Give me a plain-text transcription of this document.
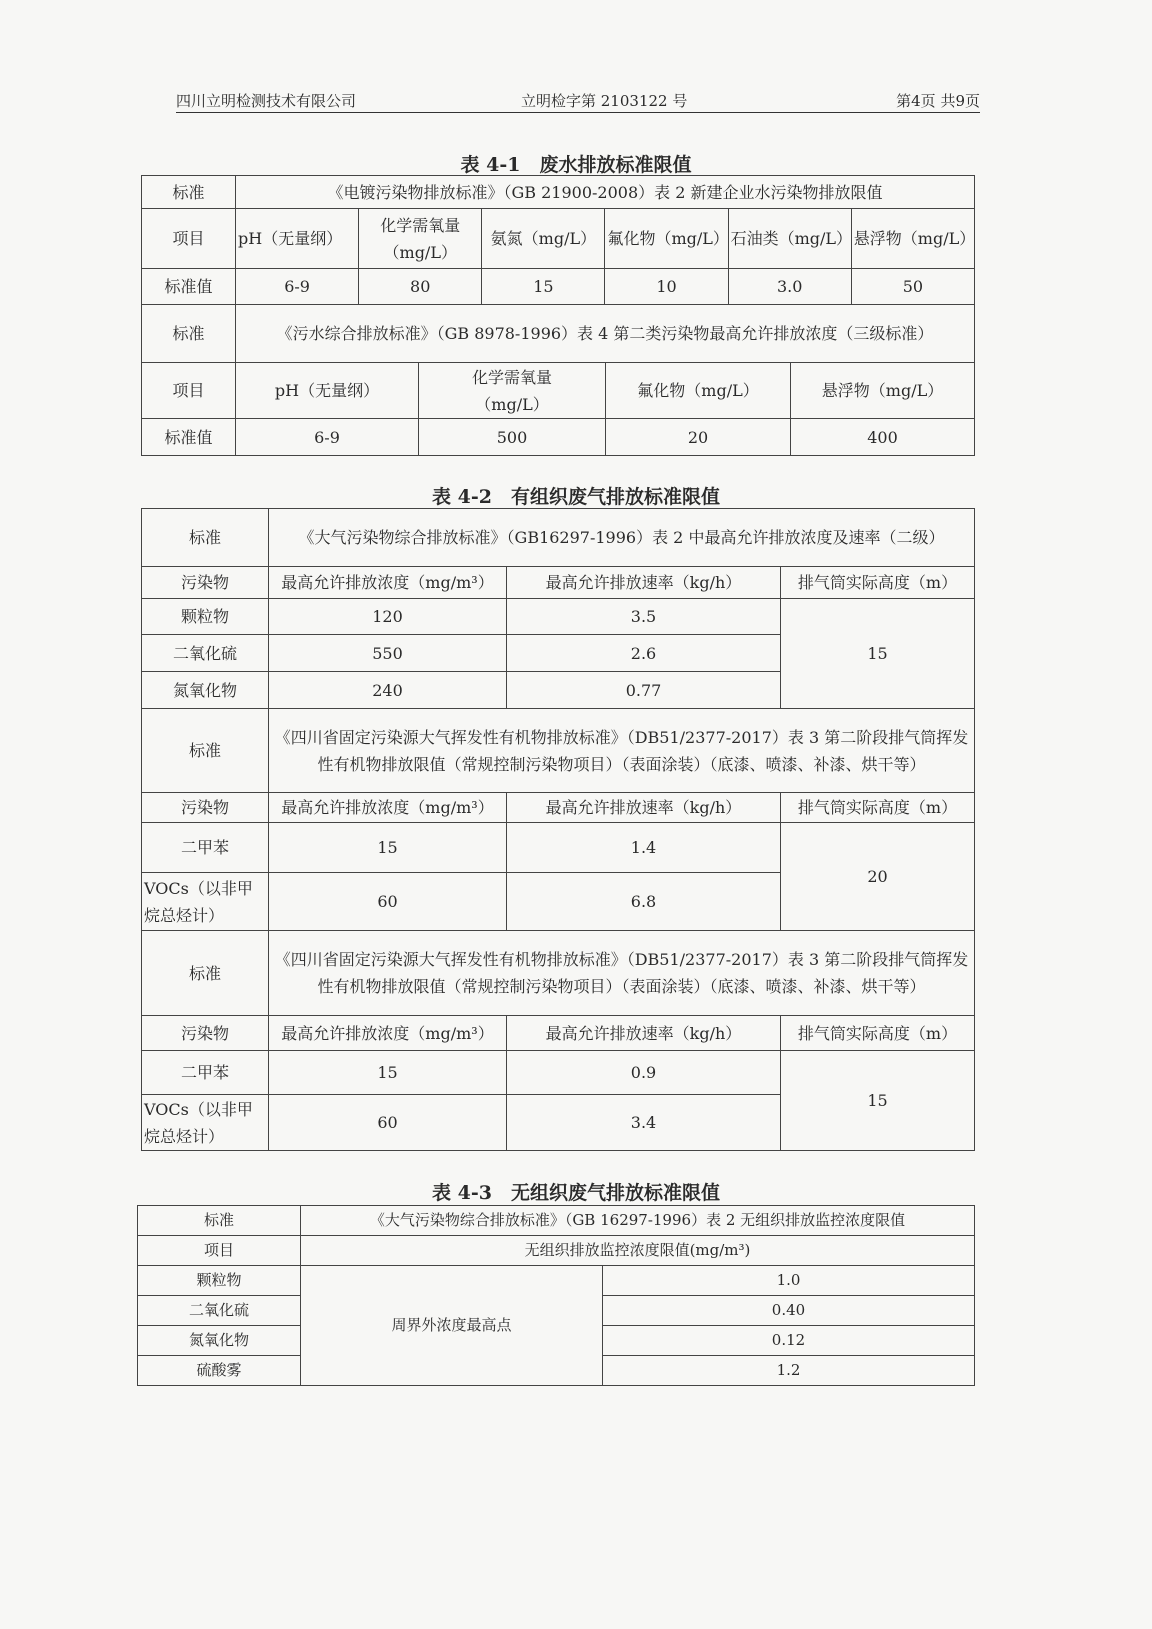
四川立明检测技术有限公司	立明检字第 2103122 号	第4页 共9页
表 4-1　废水排放标准限值
标准	《电镀污染物排放标准》（GB 21900-2008）表 2 新建企业水污染物排放限值					
项目	pH（无量纲）	化学需氧量（mg/L）	氨氮（mg/L）	氟化物（mg/L）	石油类（mg/L）	悬浮物（mg/L）
标准值	6-9	80	15	10	3.0	50
标准	《污水综合排放标准》（GB 8978-1996）表 4 第二类污染物最高允许排放浓度（三级标准）			
项目	pH（无量纲）	化学需氧量（mg/L）	氟化物（mg/L）	悬浮物（mg/L）
标准值	6-9	500	20	400
表 4-2　有组织废气排放标准限值
标准	《大气污染物综合排放标准》（GB16297-1996）表 2 中最高允许排放浓度及速率（二级）		
污染物	最高允许排放浓度（mg/m³）	最高允许排放速率（kg/h）	排气筒实际高度（m）
颗粒物	120	3.5	15
二氧化硫	550	2.6	
氮氧化物	240	0.77	
标准	《四川省固定污染源大气挥发性有机物排放标准》（DB51/2377-2017）表 3 第二阶段排气筒挥发性有机物排放限值（常规控制污染物项目）（表面涂装）（底漆、喷漆、补漆、烘干等）		
污染物	最高允许排放浓度（mg/m³）	最高允许排放速率（kg/h）	排气筒实际高度（m）
二甲苯	15	1.4	20
VOCs（以非甲烷总烃计）	60	6.8	
标准	《四川省固定污染源大气挥发性有机物排放标准》（DB51/2377-2017）表 3 第二阶段排气筒挥发性有机物排放限值（常规控制污染物项目）（表面涂装）（底漆、喷漆、补漆、烘干等）		
污染物	最高允许排放浓度（mg/m³）	最高允许排放速率（kg/h）	排气筒实际高度（m）
二甲苯	15	0.9	15
VOCs（以非甲烷总烃计）	60	3.4	
表 4-3　无组织废气排放标准限值
标准	《大气污染物综合排放标准》（GB 16297-1996）表 2 无组织排放监控浓度限值	
项目	无组织排放监控浓度限值(mg/m³)	
颗粒物	周界外浓度最高点	1.0
二氧化硫		0.40
氮氧化物		0.12
硫酸雾		1.2
